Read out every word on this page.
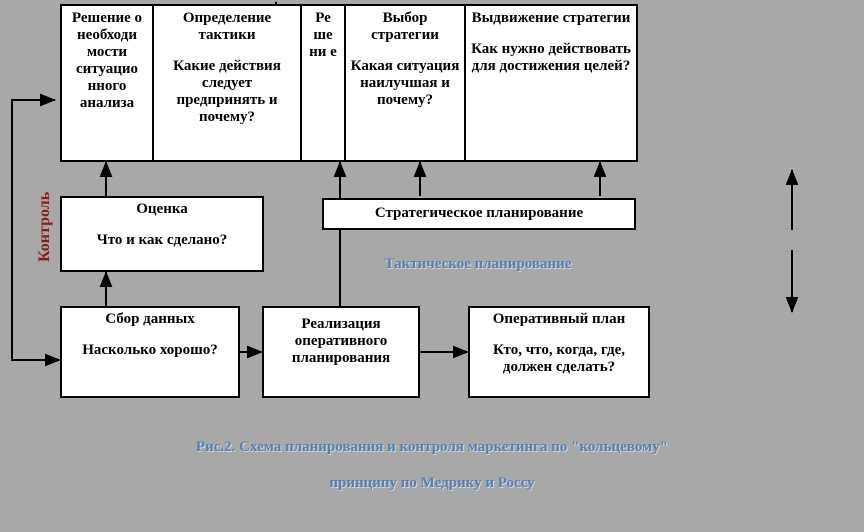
Решение о необходи мости ситуацио нного анализа
Определение тактики
Какие действия следует предпринять и почему?
Ре ше ни е
Выбор стратегии
Какая ситуация наилучшая и почему?
Выдвижение стратегии
Как нужно действовать для достижения целей?
Оценка
Что и как сделано?
Стратегическое планирование
Сбор данных
Насколько хорошо?
Реализация оперативного планирования
Оперативный план
Кто, что, когда, где, должен сделать?
Контроль
Тактическое планирование
Рис.2. Схема планирования и контроля маркетинга по "кольцевому"
принципу по Медрику и Россу
